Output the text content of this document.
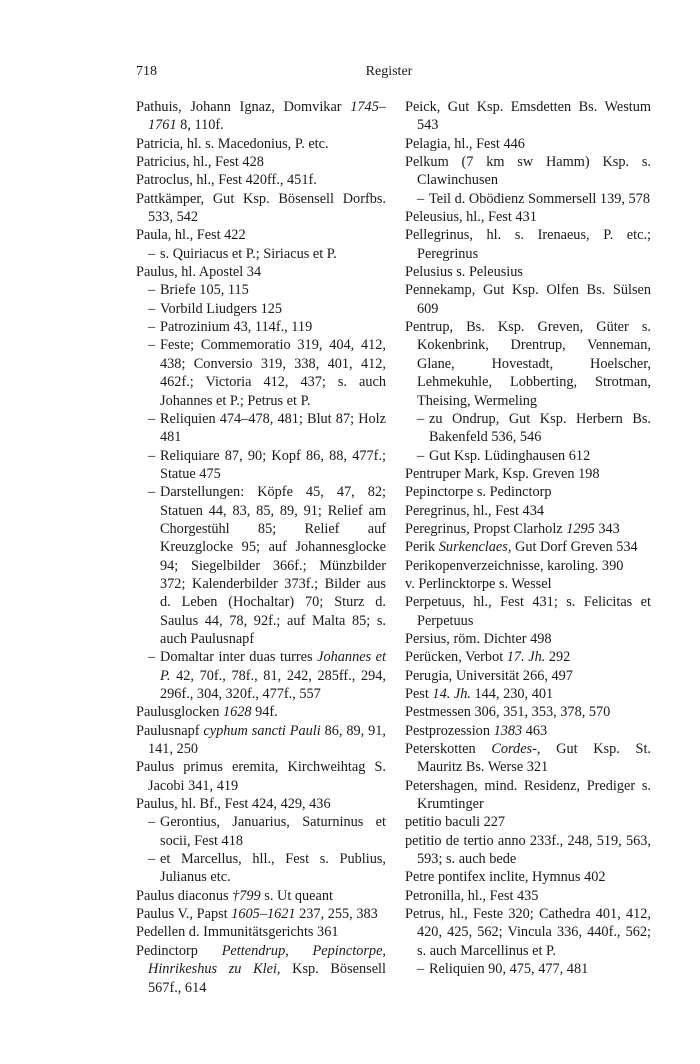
718	Register
Pathuis, Johann Ignaz, Domvikar 1745–1761 8, 110f.
Patricia, hl. s. Macedonius, P. etc.
Patricius, hl., Fest 428
Patroclus, hl., Fest 420ff., 451f.
Pattkämper, Gut Ksp. Bösensell Dorfbs. 533, 542
Paula, hl., Fest 422
– s. Quiriacus et P.; Siriacus et P.
Paulus, hl. Apostel 34
– Briefe 105, 115
– Vorbild Liudgers 125
– Patrozinium 43, 114f., 119
– Feste; Commemoratio 319, 404, 412, 438; Conversio 319, 338, 401, 412, 462f.; Victoria 412, 437; s. auch Johannes et P.; Petrus et P.
– Reliquien 474–478, 481; Blut 87; Holz 481
– Reliquiare 87, 90; Kopf 86, 88, 477f.; Statue 475
– Darstellungen: Köpfe 45, 47, 82; Statuen 44, 83, 85, 89, 91; Relief am Chorgestühl 85; Relief auf Kreuzglocke 95; auf Johannesglocke 94; Siegelbilder 366f.; Münzbilder 372; Kalenderbilder 373f.; Bilder aus d. Leben (Hochaltar) 70; Sturz d. Saulus 44, 78, 92f.; auf Malta 85; s. auch Paulusnapf
– Domaltar inter duas turres Johannes et P. 42, 70f., 78f., 81, 242, 285ff., 294, 296f., 304, 320f., 477f., 557
Paulusglocken 1628 94f.
Paulusnapf cyphum sancti Pauli 86, 89, 91, 141, 250
Paulus primus eremita, Kirchweihtag S. Jacobi 341, 419
Paulus, hl. Bf., Fest 424, 429, 436
– Gerontius, Januarius, Saturninus et socii, Fest 418
– et Marcellus, hll., Fest s. Publius, Julianus etc.
Paulus diaconus †799 s. Ut queant
Paulus V., Papst 1605–1621 237, 255, 383
Pedellen d. Immunitätsgerichts 361
Pedinctorp Pettendrup, Pepinctorpe, Hinrikeshus zu Klei, Ksp. Bösensell 567f., 614
Peick, Gut Ksp. Emsdetten Bs. Westum 543
Pelagia, hl., Fest 446
Pelkum (7 km sw Hamm) Ksp. s. Clawinchusen
– Teil d. Obödienz Sommersell 139, 578
Peleusius, hl., Fest 431
Pellegrinus, hl. s. Irenaeus, P. etc.; Peregrinus
Pelusius s. Peleusius
Pennekamp, Gut Ksp. Olfen Bs. Sülsen 609
Pentrup, Bs. Ksp. Greven, Güter s. Kokenbrink, Drentrup, Venneman, Glane, Hovestadt, Hoelscher, Lehmekuhle, Lobberting, Strotman, Theising, Wermeling
– zu Ondrup, Gut Ksp. Herbern Bs. Bakenfeld 536, 546
– Gut Ksp. Lüdinghausen 612
Pentruper Mark, Ksp. Greven 198
Pepinctorpe s. Pedinctorp
Peregrinus, hl., Fest 434
Peregrinus, Propst Clarholz 1295 343
Perik Surkenclaes, Gut Dorf Greven 534
Perikopenverzeichnisse, karoling. 390
v. Perlincktorpe s. Wessel
Perpetuus, hl., Fest 431; s. Felicitas et Perpetuus
Persius, röm. Dichter 498
Perücken, Verbot 17. Jh. 292
Perugia, Universität 266, 497
Pest 14. Jh. 144, 230, 401
Pestmessen 306, 351, 353, 378, 570
Pestprozession 1383 463
Peterskotten Cordes-, Gut Ksp. St. Mauritz Bs. Werse 321
Petershagen, mind. Residenz, Prediger s. Krumtinger
petitio baculi 227
petitio de tertio anno 233f., 248, 519, 563, 593; s. auch bede
Petre pontifex inclite, Hymnus 402
Petronilla, hl., Fest 435
Petrus, hl., Feste 320; Cathedra 401, 412, 420, 425, 562; Vincula 336, 440f., 562; s. auch Marcellinus et P.
– Reliquien 90, 475, 477, 481
